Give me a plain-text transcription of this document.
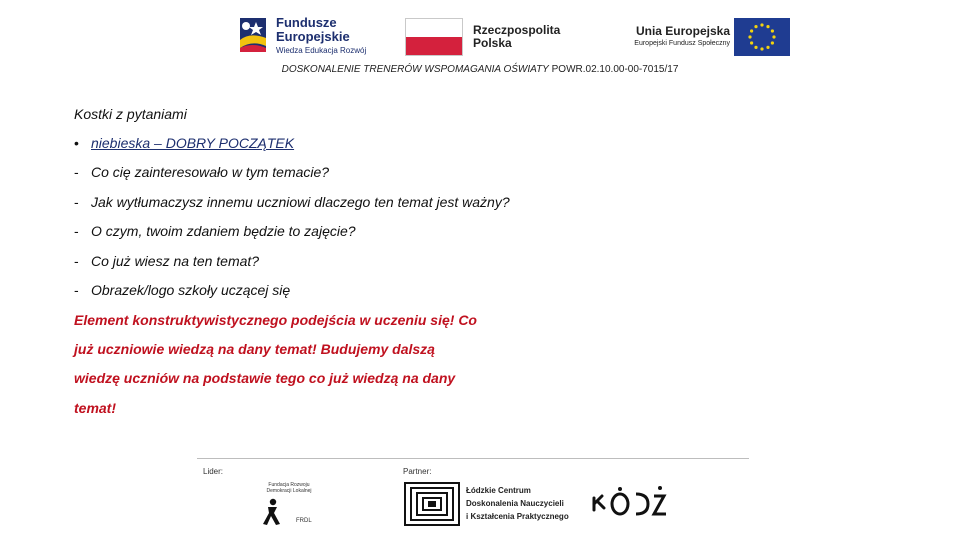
Fundusze
Europejskie
Wiedza Edukacja Rozwój
Rzeczpospolita
Polska
Unia Europejska
Europejski Fundusz Społeczny
DOSKONALENIE TRENERÓW WSPOMAGANIA OŚWIATY POWR.02.10.00-00-7015/17
Kostki z pytaniami
• niebieska – DOBRY POCZĄTEK
- Co cię zainteresowało w tym temacie?
- Jak wytłumaczysz innemu uczniowi dlaczego ten temat jest ważny?
- O czym, twoim zdaniem będzie to zajęcie?
- Co już wiesz na ten temat?
- Obrazek/logo szkoły uczącej się
Element konstruktywistycznego podejścia w uczeniu się! Co
już uczniowie wiedzą na dany temat! Budujemy dalszą
wiedzę uczniów na podstawie tego co już wiedzą na dany
temat!
Lider:	Partner:
Fundacja Rozwoju Demokracji Lokalnej
FRDL
Łódzkie Centrum
Doskonalenia Nauczycieli
i Kształcenia Praktycznego
